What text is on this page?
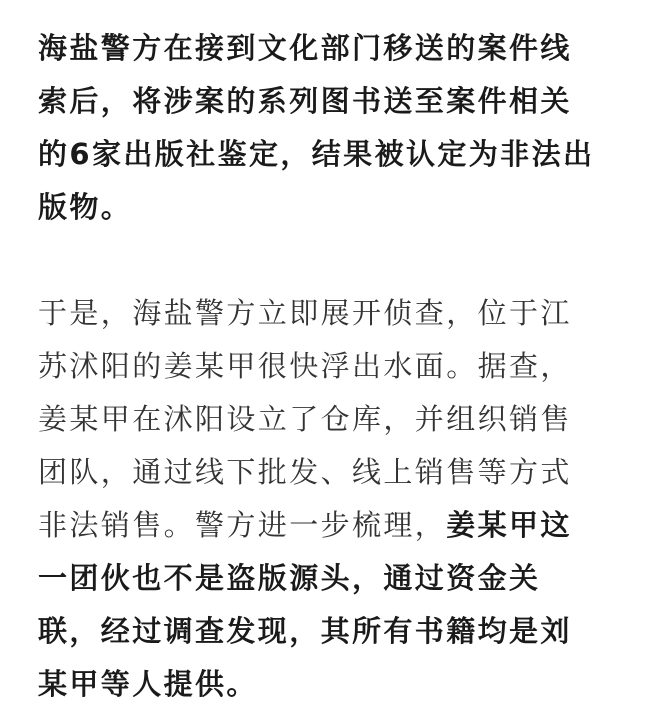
海盐警方在接到文化部门移送的案件线
索后，将涉案的系列图书送至案件相关
的6家出版社鉴定，结果被认定为非法出
版物。
于是，海盐警方立即展开侦查，位于江
苏沭阳的姜某甲很快浮出水面。据查，
姜某甲在沭阳设立了仓库，并组织销售
团队，通过线下批发、线上销售等方式
非法销售。警方进一步梳理，姜某甲这
一团伙也不是盗版源头，通过资金关
联，经过调查发现，其所有书籍均是刘
某甲等人提供。
